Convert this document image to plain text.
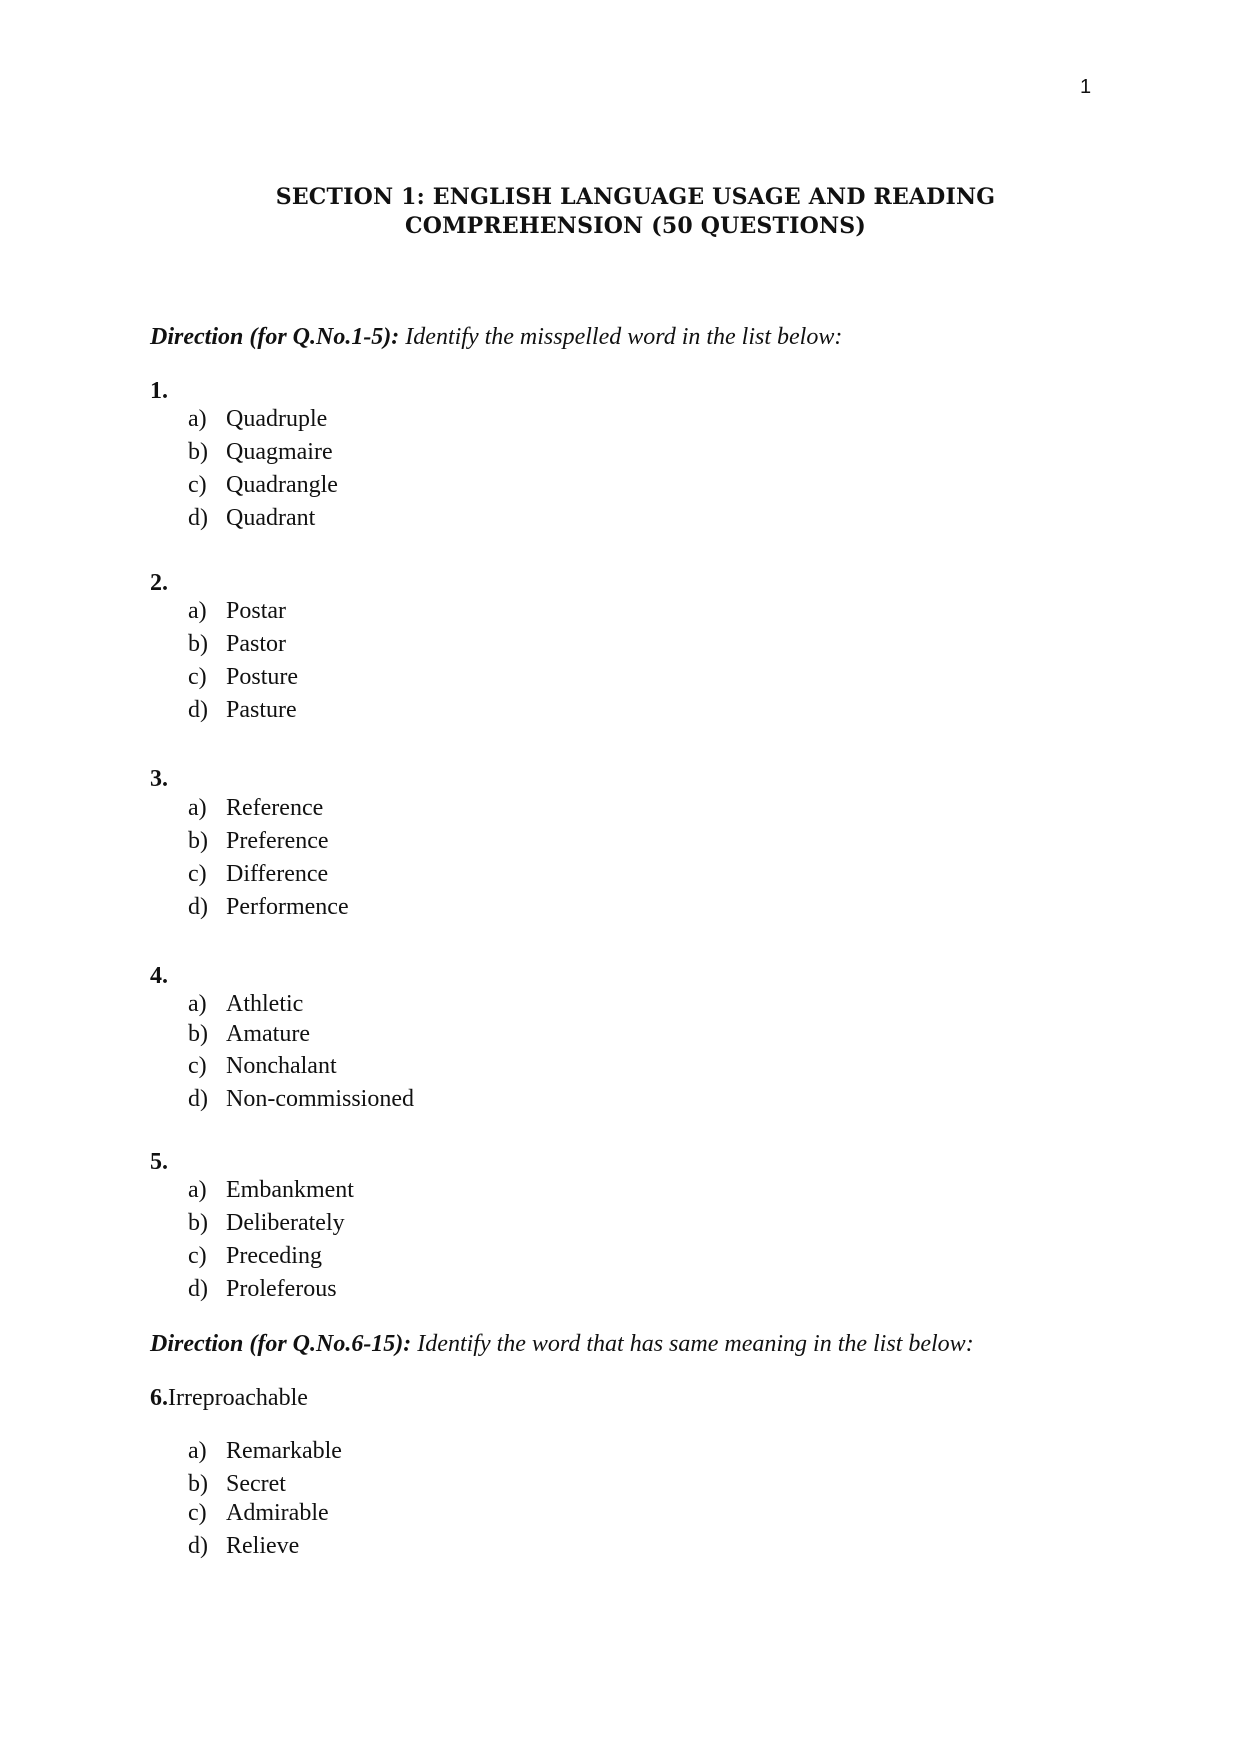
1
SECTION 1: ENGLISH LANGUAGE USAGE AND READING
COMPREHENSION (50 QUESTIONS)
Direction (for Q.No.1-5): Identify the misspelled word in the list below:
1.
a) Quadruple
b) Quagmaire
c) Quadrangle
d) Quadrant
2.
a) Postar
b) Pastor
c) Posture
d) Pasture
3.
a) Reference
b) Preference
c) Difference
d) Performence
4.
a) Athletic
b) Amature
c) Nonchalant
d) Non-commissioned
5.
a) Embankment
b) Deliberately
c) Preceding
d) Proleferous
Direction (for Q.No.6-15): Identify the word that has same meaning in the list below:
6.Irreproachable
a) Remarkable
b) Secret
c) Admirable
d) Relieve
